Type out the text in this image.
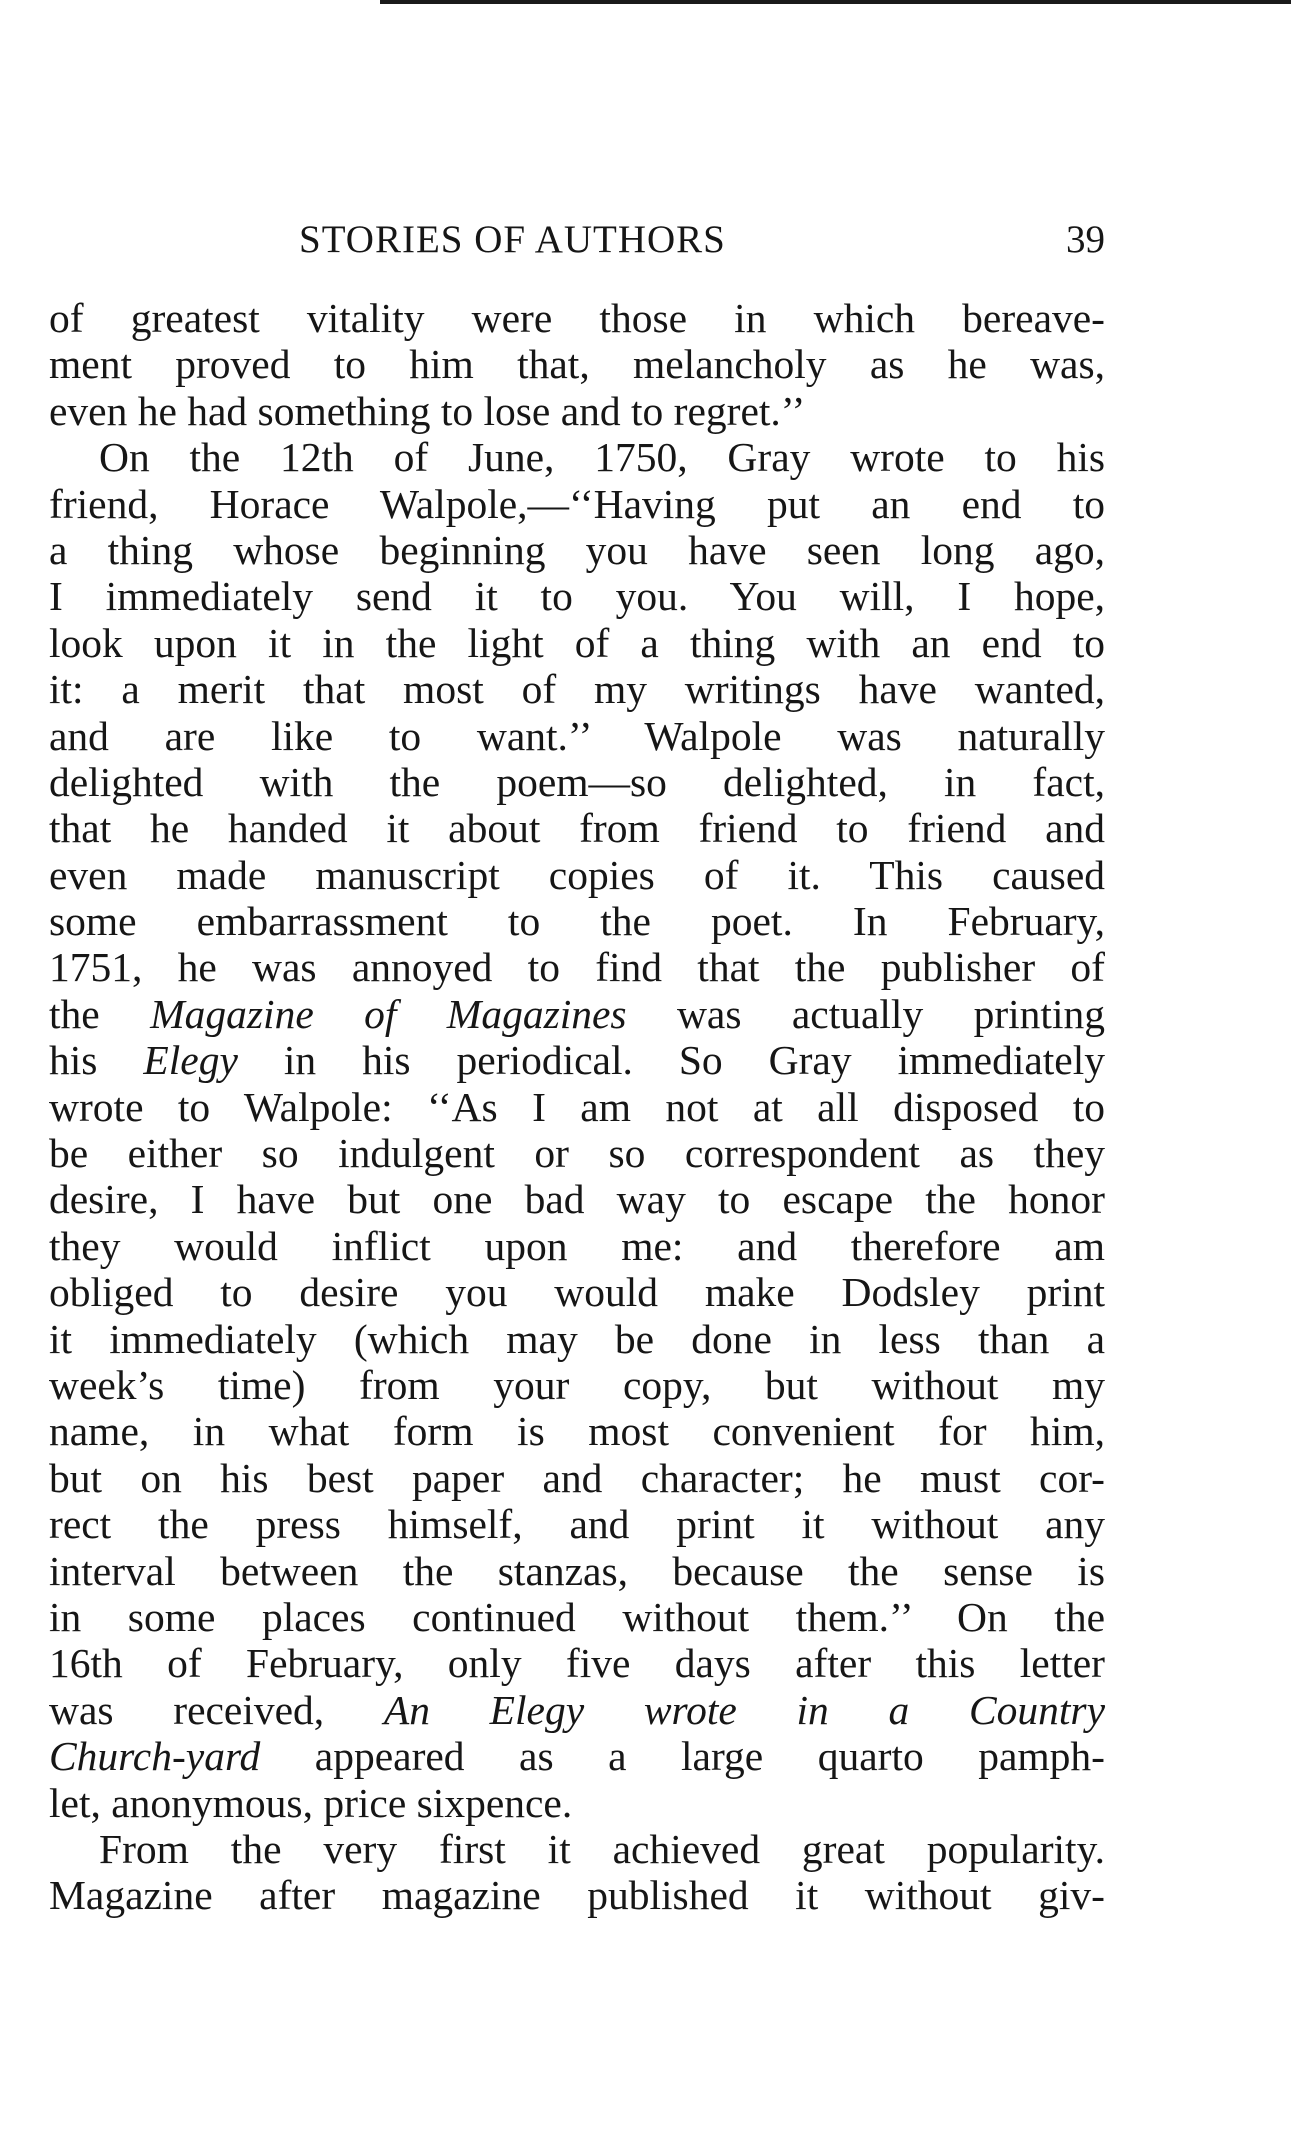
STORIES OF AUTHORS	39
of greatest vitality were those in which bereave-
ment proved to him that, melancholy as he was,
even he had something to lose and to regret.’’
On the 12th of June, 1750, Gray wrote to his
friend, Horace Walpole,—‘‘Having put an end to
a thing whose beginning you have seen long ago,
I immediately send it to you. You will, I hope,
look upon it in the light of a thing with an end to
it: a merit that most of my writings have wanted,
and are like to want.’’ Walpole was naturally
delighted with the poem—so delighted, in fact,
that he handed it about from friend to friend and
even made manuscript copies of it. This caused
some embarrassment to the poet. In February,
1751, he was annoyed to find that the publisher of
the Magazine of Magazines was actually printing
his Elegy in his periodical. So Gray immediately
wrote to Walpole: ‘‘As I am not at all disposed to
be either so indulgent or so correspondent as they
desire, I have but one bad way to escape the honor
they would inflict upon me: and therefore am
obliged to desire you would make Dodsley print
it immediately (which may be done in less than a
week’s time) from your copy, but without my
name, in what form is most convenient for him,
but on his best paper and character; he must cor-
rect the press himself, and print it without any
interval between the stanzas, because the sense is
in some places continued without them.’’ On the
16th of February, only five days after this letter
was received, An Elegy wrote in a Country
Church-yard appeared as a large quarto pamph-
let, anonymous, price sixpence.
From the very first it achieved great popularity.
Magazine after magazine published it without giv-
